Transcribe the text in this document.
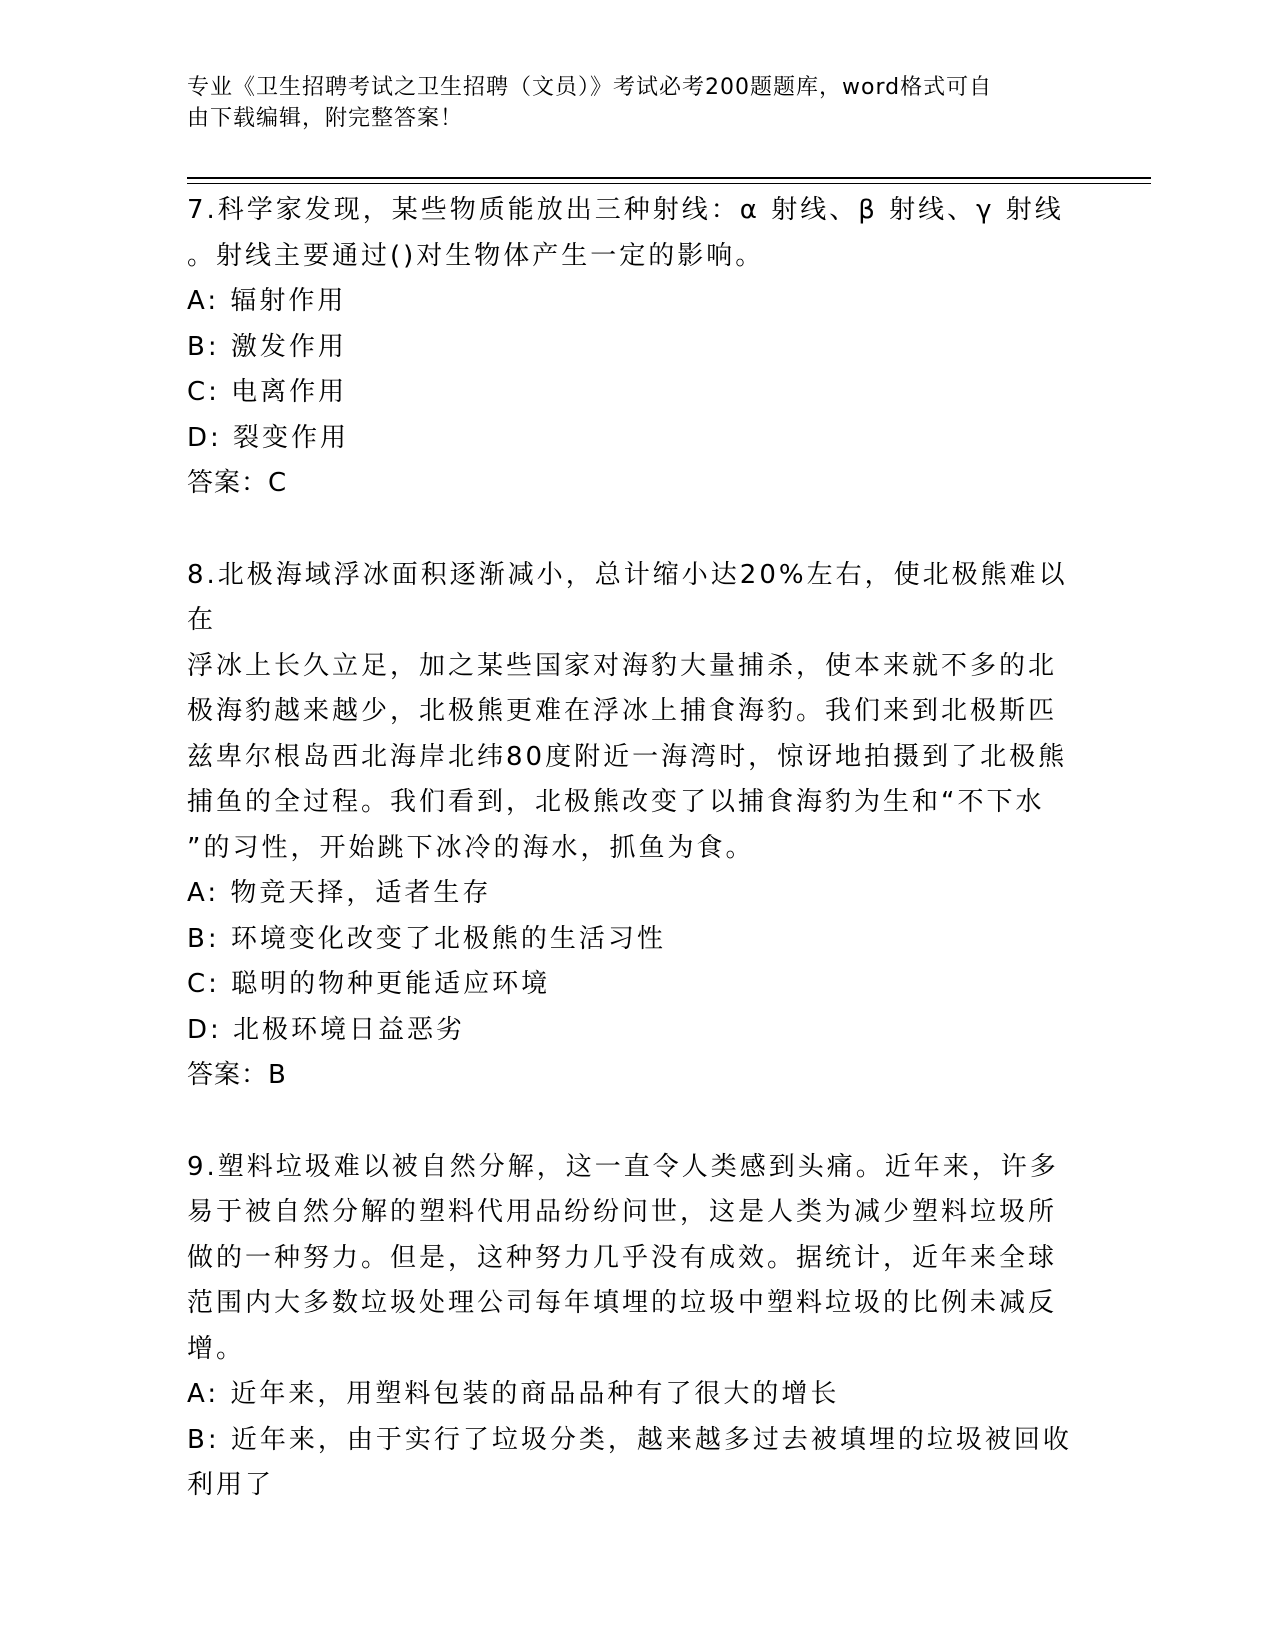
专业《卫生招聘考试之卫生招聘（文员）》考试必考200题题库，word格式可自
由下载编辑，附完整答案！

7.科学家发现，某些物质能放出三种射线：α 射线、β 射线、γ 射线

。射线主要通过()对生物体产生一定的影响。

A: 辐射作用

B: 激发作用

C: 电离作用

D: 裂变作用

答案：C

8.北极海域浮冰面积逐渐减小，总计缩小达20%左右，使北极熊难以在

浮冰上长久立足，加之某些国家对海豹大量捕杀，使本来就不多的北

极海豹越来越少，北极熊更难在浮冰上捕食海豹。我们来到北极斯匹

兹卑尔根岛西北海岸北纬80度附近一海湾时，惊讶地拍摄到了北极熊

捕鱼的全过程。我们看到，北极熊改变了以捕食海豹为生和“不下水

”的习性，开始跳下冰冷的海水，抓鱼为食。

A: 物竞天择，适者生存

B: 环境变化改变了北极熊的生活习性

C: 聪明的物种更能适应环境

D: 北极环境日益恶劣

答案：B

9.塑料垃圾难以被自然分解，这一直令人类感到头痛。近年来，许多

易于被自然分解的塑料代用品纷纷问世，这是人类为减少塑料垃圾所

做的一种努力。但是，这种努力几乎没有成效。据统计，近年来全球

范围内大多数垃圾处理公司每年填埋的垃圾中塑料垃圾的比例未减反

增。

A: 近年来，用塑料包装的商品品种有了很大的增长

B: 近年来，由于实行了垃圾分类，越来越多过去被填埋的垃圾被回收

利用了
